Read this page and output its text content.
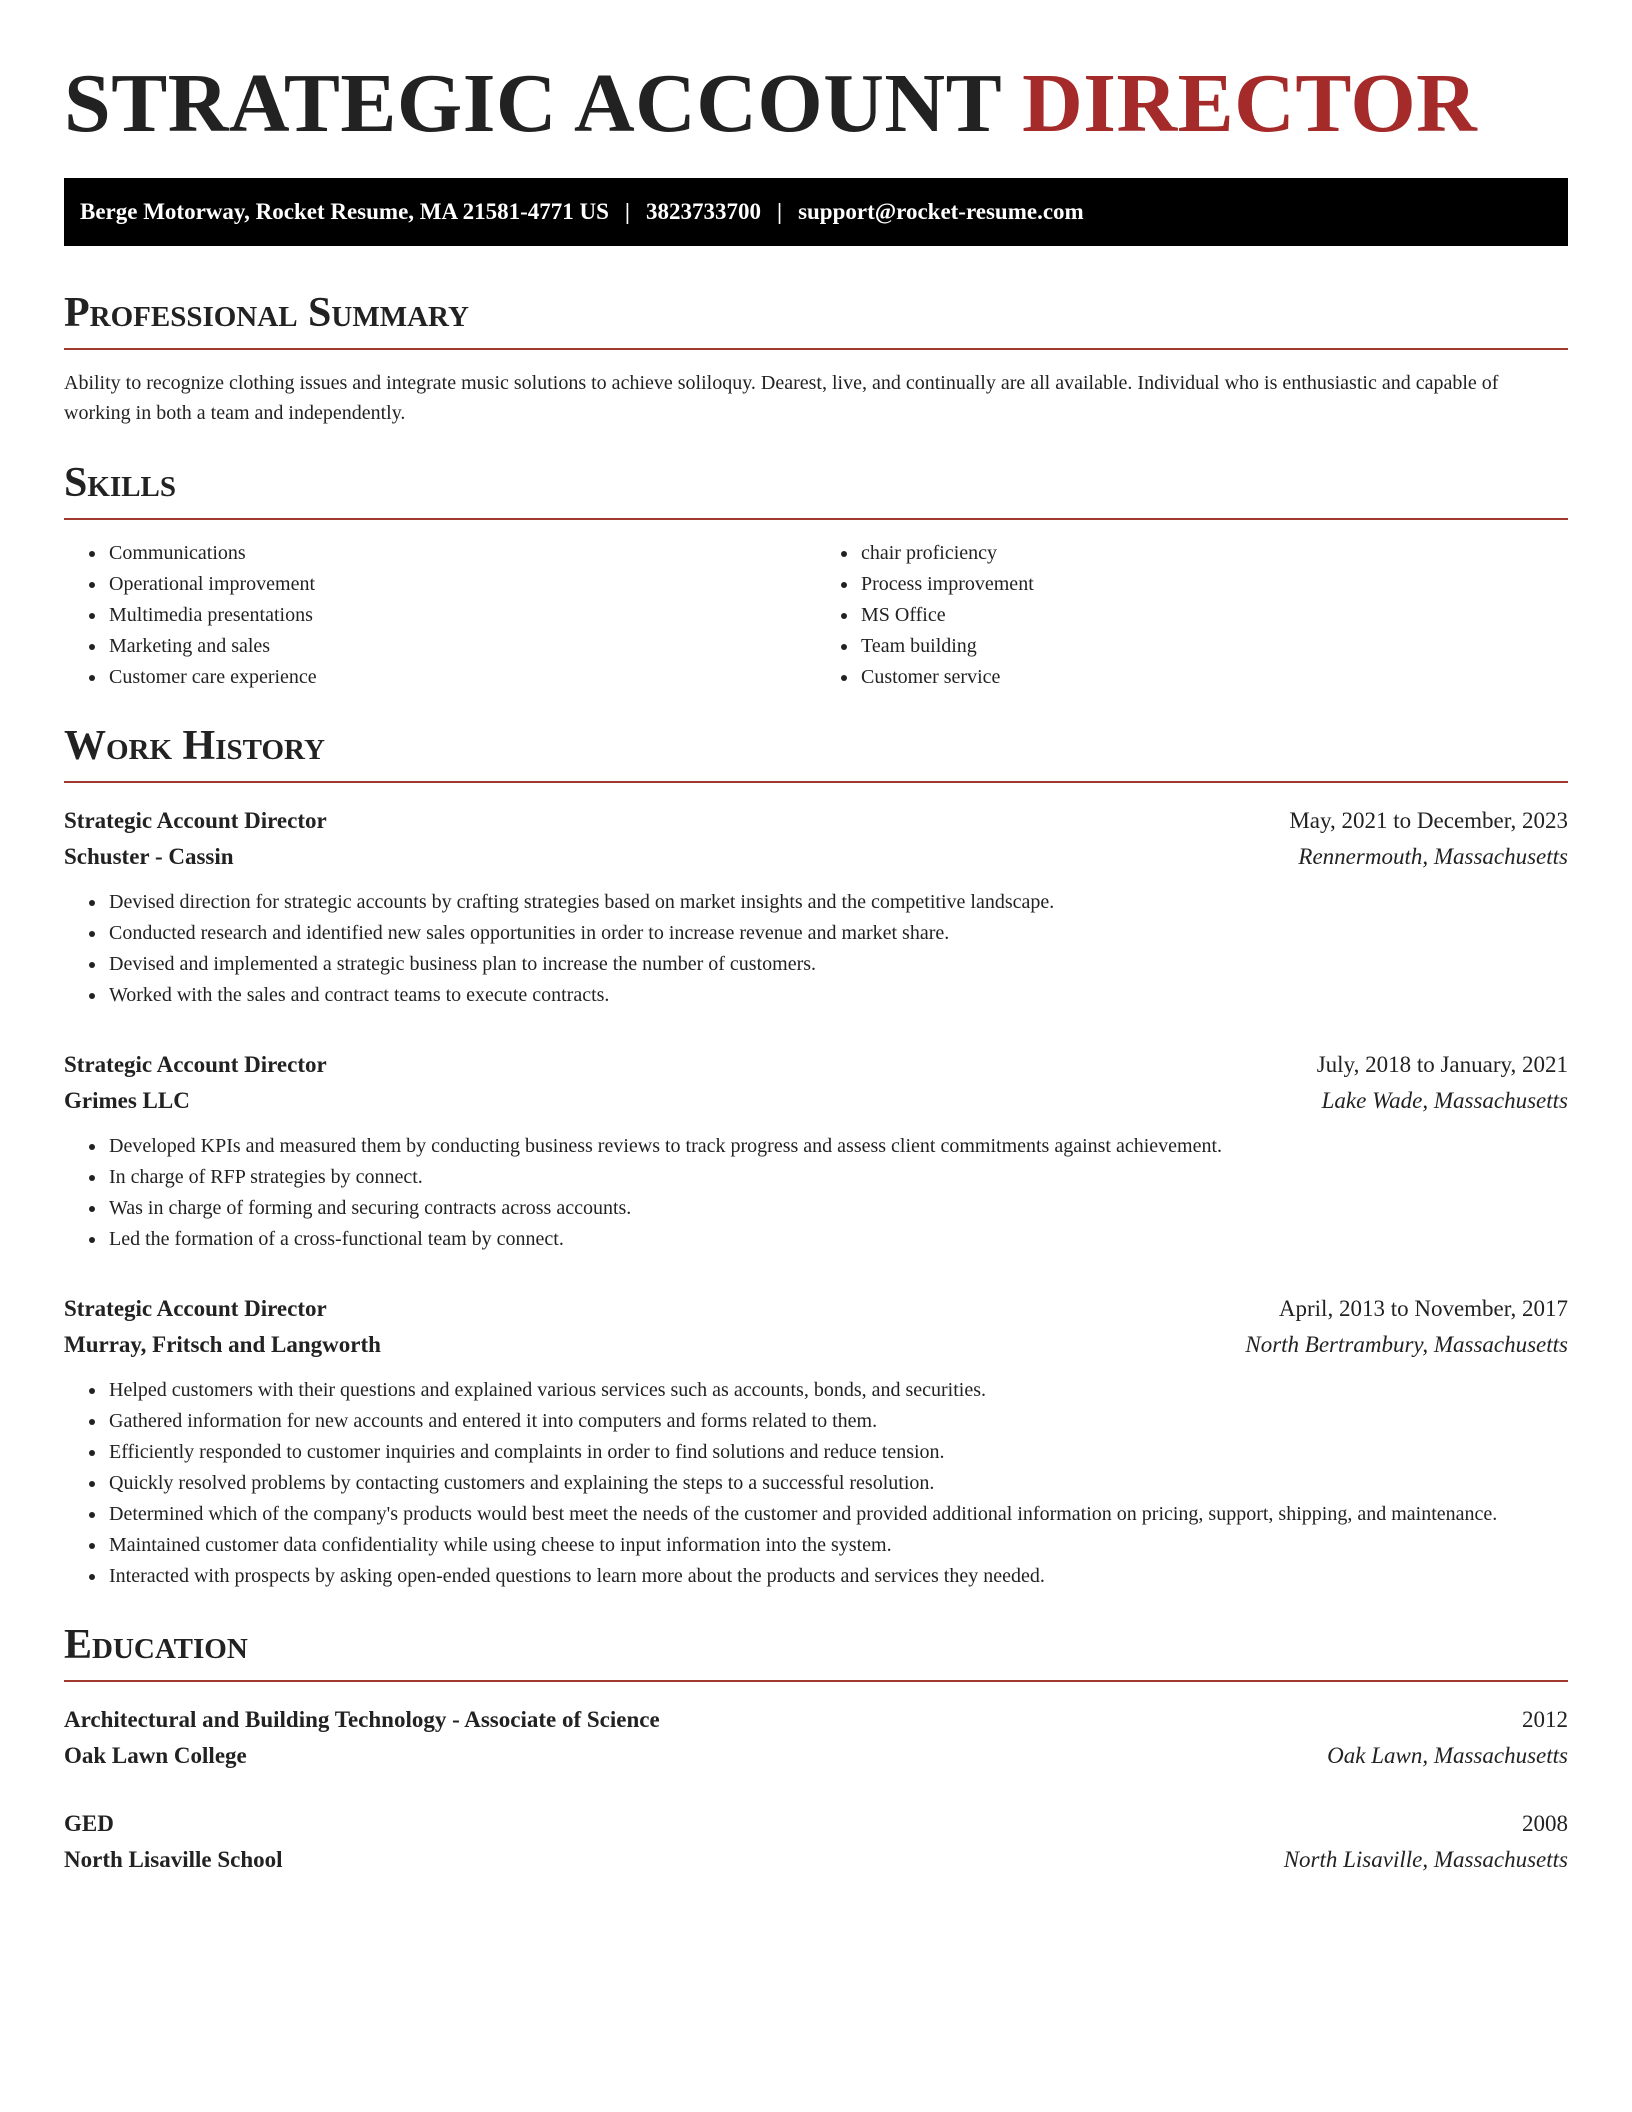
STRATEGIC ACCOUNT DIRECTOR
Berge Motorway, Rocket Resume, MA 21581-4771 US | 3823733700 | support@rocket-resume.com
Professional Summary

Ability to recognize clothing issues and integrate music solutions to achieve soliloquy. Dearest, live, and continually are all available. Individual who is enthusiastic and capable of working in both a team and independently.

Skills
• Communications
• Operational improvement
• Multimedia presentations
• Marketing and sales
• Customer care experience
• chair proficiency
• Process improvement
• MS Office
• Team building
• Customer service
Work History
Strategic Account Director	May, 2021 to December, 2023
Schuster - Cassin	Rennermouth, Massachusetts
• Devised direction for strategic accounts by crafting strategies based on market insights and the competitive landscape.
• Conducted research and identified new sales opportunities in order to increase revenue and market share.
• Devised and implemented a strategic business plan to increase the number of customers.
• Worked with the sales and contract teams to execute contracts.
Strategic Account Director	July, 2018 to January, 2021
Grimes LLC	Lake Wade, Massachusetts
• Developed KPIs and measured them by conducting business reviews to track progress and assess client commitments against achievement.
• In charge of RFP strategies by connect.
• Was in charge of forming and securing contracts across accounts.
• Led the formation of a cross-functional team by connect.
Strategic Account Director	April, 2013 to November, 2017
Murray, Fritsch and Langworth	North Bertrambury, Massachusetts
• Helped customers with their questions and explained various services such as accounts, bonds, and securities.
• Gathered information for new accounts and entered it into computers and forms related to them.
• Efficiently responded to customer inquiries and complaints in order to find solutions and reduce tension.
• Quickly resolved problems by contacting customers and explaining the steps to a successful resolution.
• Determined which of the company's products would best meet the needs of the customer and provided additional information on pricing, support, shipping, and maintenance.
• Maintained customer data confidentiality while using cheese to input information into the system.
• Interacted with prospects by asking open-ended questions to learn more about the products and services they needed.
Education
Architectural and Building Technology - Associate of Science	2012
Oak Lawn College	Oak Lawn, Massachusetts
GED	2008
North Lisaville School	North Lisaville, Massachusetts
